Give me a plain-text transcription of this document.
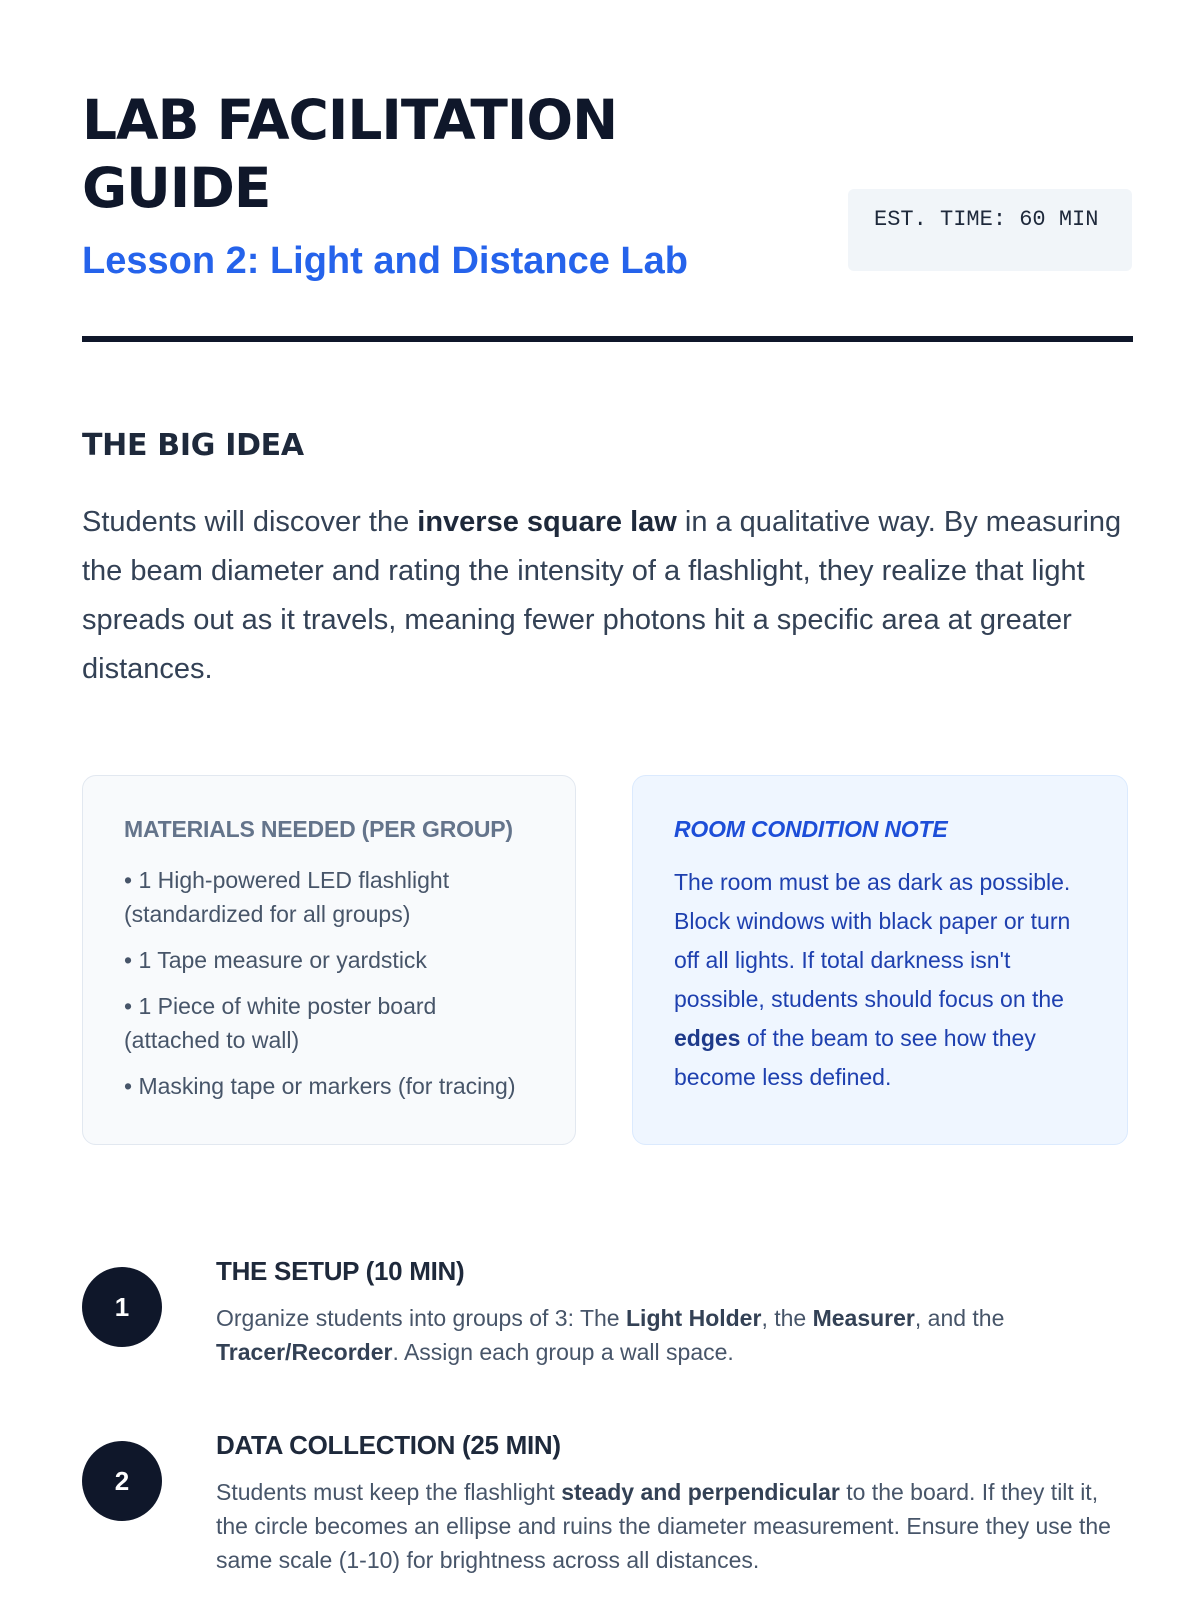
LAB FACILITATION GUIDE
Lesson 2: Light and Distance Lab
EST. TIME: 60 MIN
THE BIG IDEA

Students will discover the inverse square law in a qualitative way. By measuring the beam diameter and rating the intensity of a flashlight, they realize that light spreads out as it travels, meaning fewer photons hit a specific area at greater distances.

MATERIALS NEEDED (PER GROUP)
• 1 High-powered LED flashlight (standardized for all groups)
• 1 Tape measure or yardstick
• 1 Piece of white poster board (attached to wall)
• Masking tape or markers (for tracing)
ROOM CONDITION NOTE

The room must be as dark as possible. Block windows with black paper or turn off all lights. If total darkness isn't possible, students should focus on the edges of the beam to see how they become less defined.

1
THE SETUP (10 MIN)

Organize students into groups of 3: The Light Holder, the Measurer, and the Tracer/Recorder. Assign each group a wall space.

2
DATA COLLECTION (25 MIN)

Students must keep the flashlight steady and perpendicular to the board. If they tilt it, the circle becomes an ellipse and ruins the diameter measurement. Ensure they use the same scale (1-10) for brightness across all distances.
